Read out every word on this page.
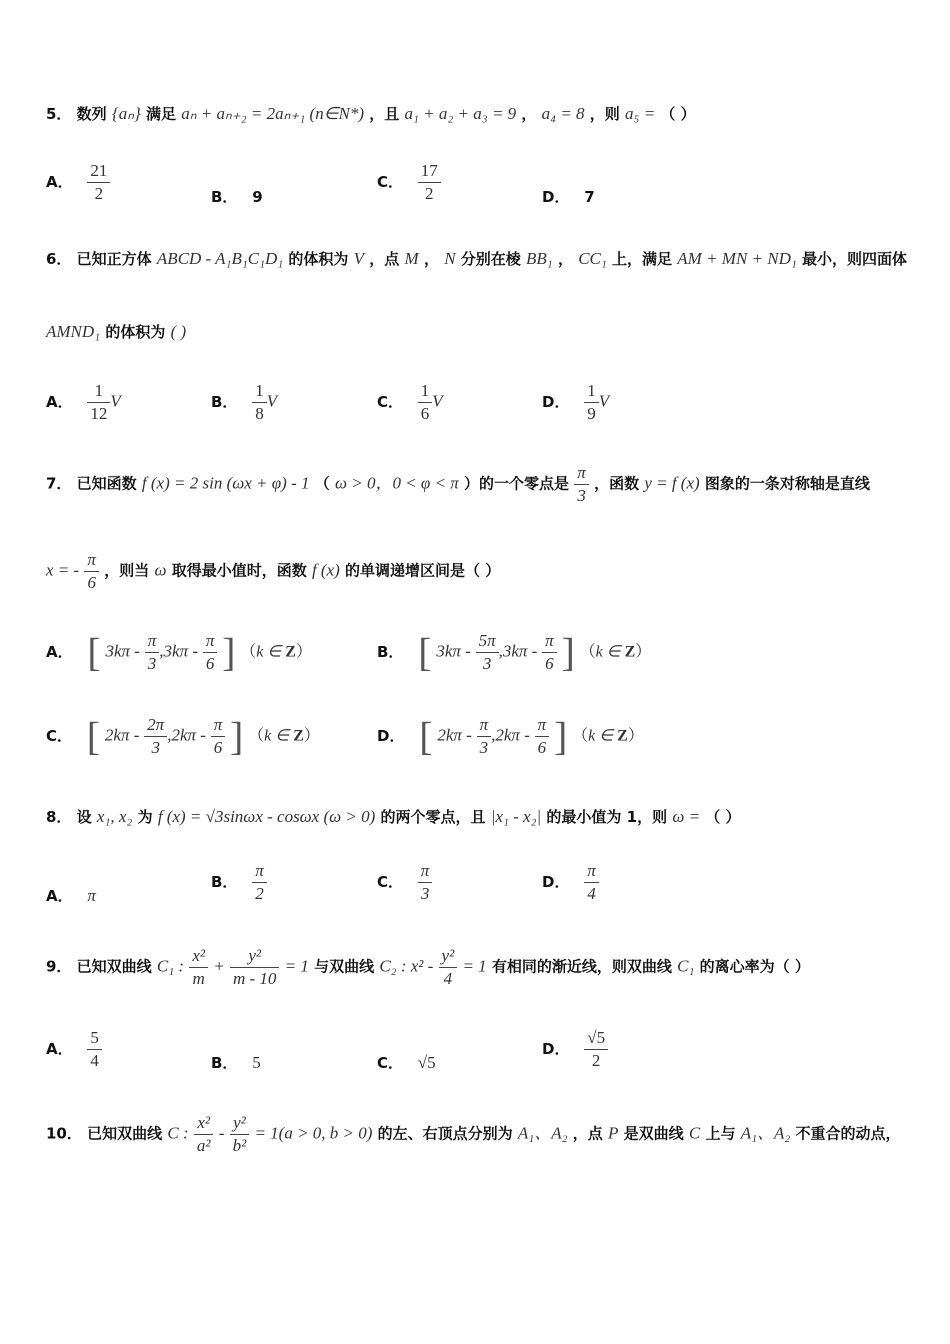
5． 数列 {aₙ} 满足 aₙ + aₙ₊₂ = 2aₙ₊₁ (n∈N*) ，且 a₁ + a₂ + a₃ = 9 ， a₄ = 8 ，则 a₅ = （ ）
A． $\frac{21}{2}$	B． 9
C． $\frac{17}{2}$	D． 7
6． 已知正方体 ABCD - A₁B₁C₁D₁ 的体积为 V ，点 M ， N 分别在棱 BB₁ ， CC₁ 上，满足 AM + MN + ND₁ 最小，则四面体
AMND₁ 的体积为 ( )
A． $\frac{1}{12}$ V	B． $\frac{1}{8}$ V	C． $\frac{1}{6}$ V	D． $\frac{1}{9}$ V
7． 已知函数 f (x) = 2 sin (ωx + φ) - 1 （ ω > 0，0 < φ < π ）的一个零点是 $\frac{\pi}{3}$ ，函数 y = f (x) 图象的一条对称轴是直线
x = - $\frac{\pi}{6}$ ，则当 ω 取得最小值时，函数 f (x) 的单调递增区间是（ ）
A． [ $3k\pi - \frac{\pi}{3} ,3k\pi - \frac{\pi}{6}$ ] （k ∈ Z）	B． [ $3k\pi - \frac{5\pi}{3} ,3k\pi - \frac{\pi}{6}$ ] （k ∈ Z）
C． [ $2k\pi - \frac{2\pi}{3} ,2k\pi - \frac{\pi}{6}$ ] （k ∈ Z）	D． [ $2k\pi - \frac{\pi}{3} ,2k\pi - \frac{\pi}{6}$ ] （k ∈ Z）
8． 设 x₁, x₂ 为 f (x) = √3sinωx - cosωx (ω > 0) 的两个零点，且 |x₁ - x₂| 的最小值为 1，则 ω = （ ）
A． π
B． $\frac{\pi}{2}$	C． $\frac{\pi}{3}$	D． $\frac{\pi}{4}$
9． 已知双曲线 C₁ : $\frac{\text{x²}}{m} + \frac{\text{y²}}{m - 10} = 1$ 与双曲线 C₂ : $x^2 - \frac{\text{y²}}{4} = 1$ 有相同的渐近线，则双曲线 C₁ 的离心率为（ ）
A． $\frac{5}{4}$	B． 5	C． √5
D． $\frac{√5}{2}$
10． 已知双曲线 C : $\frac{\text{x²}}{\text{a²}} - \frac{\text{y²}}{\text{b²}} = 1(a > 0$, b > 0) 的左、右顶点分别为 A₁、A₂ ，点 P 是双曲线 C 上与 A₁、A₂ 不重合的动点，
